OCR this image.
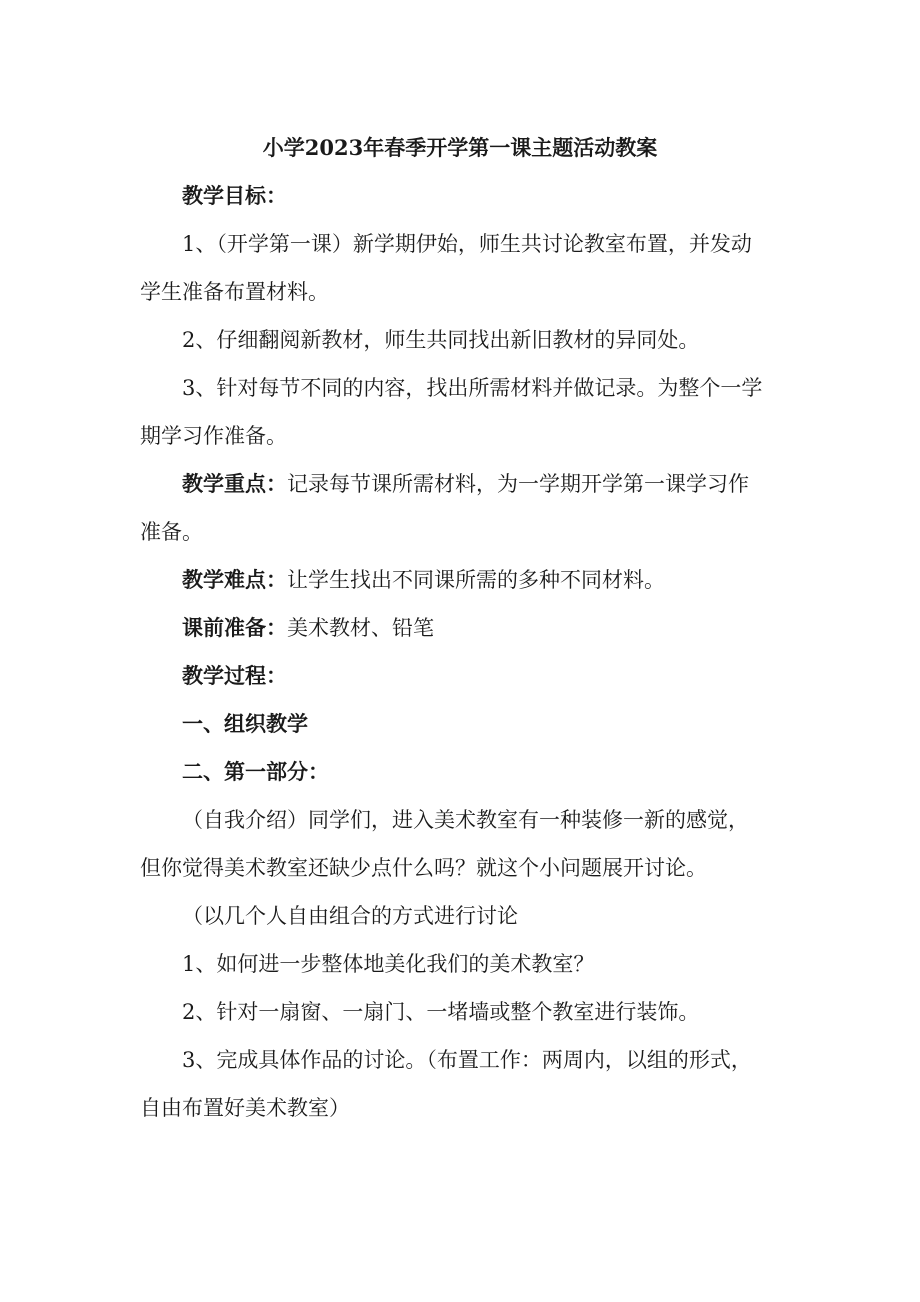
小学2023年春季开学第一课主题活动教案
教学目标：
1、（开学第一课）新学期伊始，师生共讨论教室布置，并发动
学生准备布置材料。
2、仔细翻阅新教材，师生共同找出新旧教材的异同处。
3、针对每节不同的内容，找出所需材料并做记录。为整个一学
期学习作准备。
教学重点：记录每节课所需材料，为一学期开学第一课学习作
准备。
教学难点：让学生找出不同课所需的多种不同材料。
课前准备：美术教材、铅笔
教学过程：
一、组织教学
二、第一部分：
（自我介绍）同学们，进入美术教室有一种装修一新的感觉，
但你觉得美术教室还缺少点什么吗？就这个小问题展开讨论。
（以几个人自由组合的方式进行讨论
1、如何进一步整体地美化我们的美术教室？
2、针对一扇窗、一扇门、一堵墙或整个教室进行装饰。
3、完成具体作品的讨论。（布置工作：两周内，以组的形式，
自由布置好美术教室）
